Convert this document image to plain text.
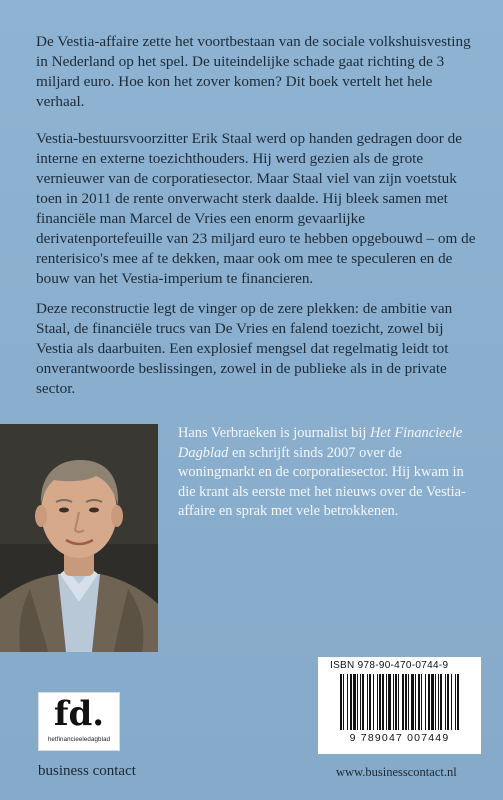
De Vestia-affaire zette het voortbestaan van de sociale volkshuisvesting in Nederland op het spel. De uiteindelijke schade gaat richting de 3 miljard euro. Hoe kon het zover komen? Dit boek vertelt het hele verhaal.

Vestia-bestuursvoorzitter Erik Staal werd op handen gedragen door de interne en externe toezichthouders. Hij werd gezien als de grote vernieuwer van de corporatiesector. Maar Staal viel van zijn voetstuk toen in 2011 de rente onverwacht sterk daalde. Hij bleek samen met financiële man Marcel de Vries een enorm gevaarlijke derivatenportefeuille van 23 miljard euro te hebben opgebouwd – om de renterisico's mee af te dekken, maar ook om mee te speculeren en de bouw van het Vestia-imperium te financieren.

Deze reconstructie legt de vinger op de zere plekken: de ambitie van Staal, de financiële trucs van De Vries en falend toezicht, zowel bij Vestia als daarbuiten. Een explosief mengsel dat regelmatig leidt tot onverantwoorde beslissingen, zowel in de publieke als in de private sector.

Hans Verbraeken is journalist bij Het Financieele Dagblad en schrijft sinds 2007 over de woningmarkt en de corporatiesector. Hij kwam in die krant als eerste met het nieuws over de Vestia-affaire en sprak met vele betrokkenen.

fd.
hetfinancieeledagblad
business contact
ISBN 978-90-470-0744-9
9 789047 007449
www.businesscontact.nl
